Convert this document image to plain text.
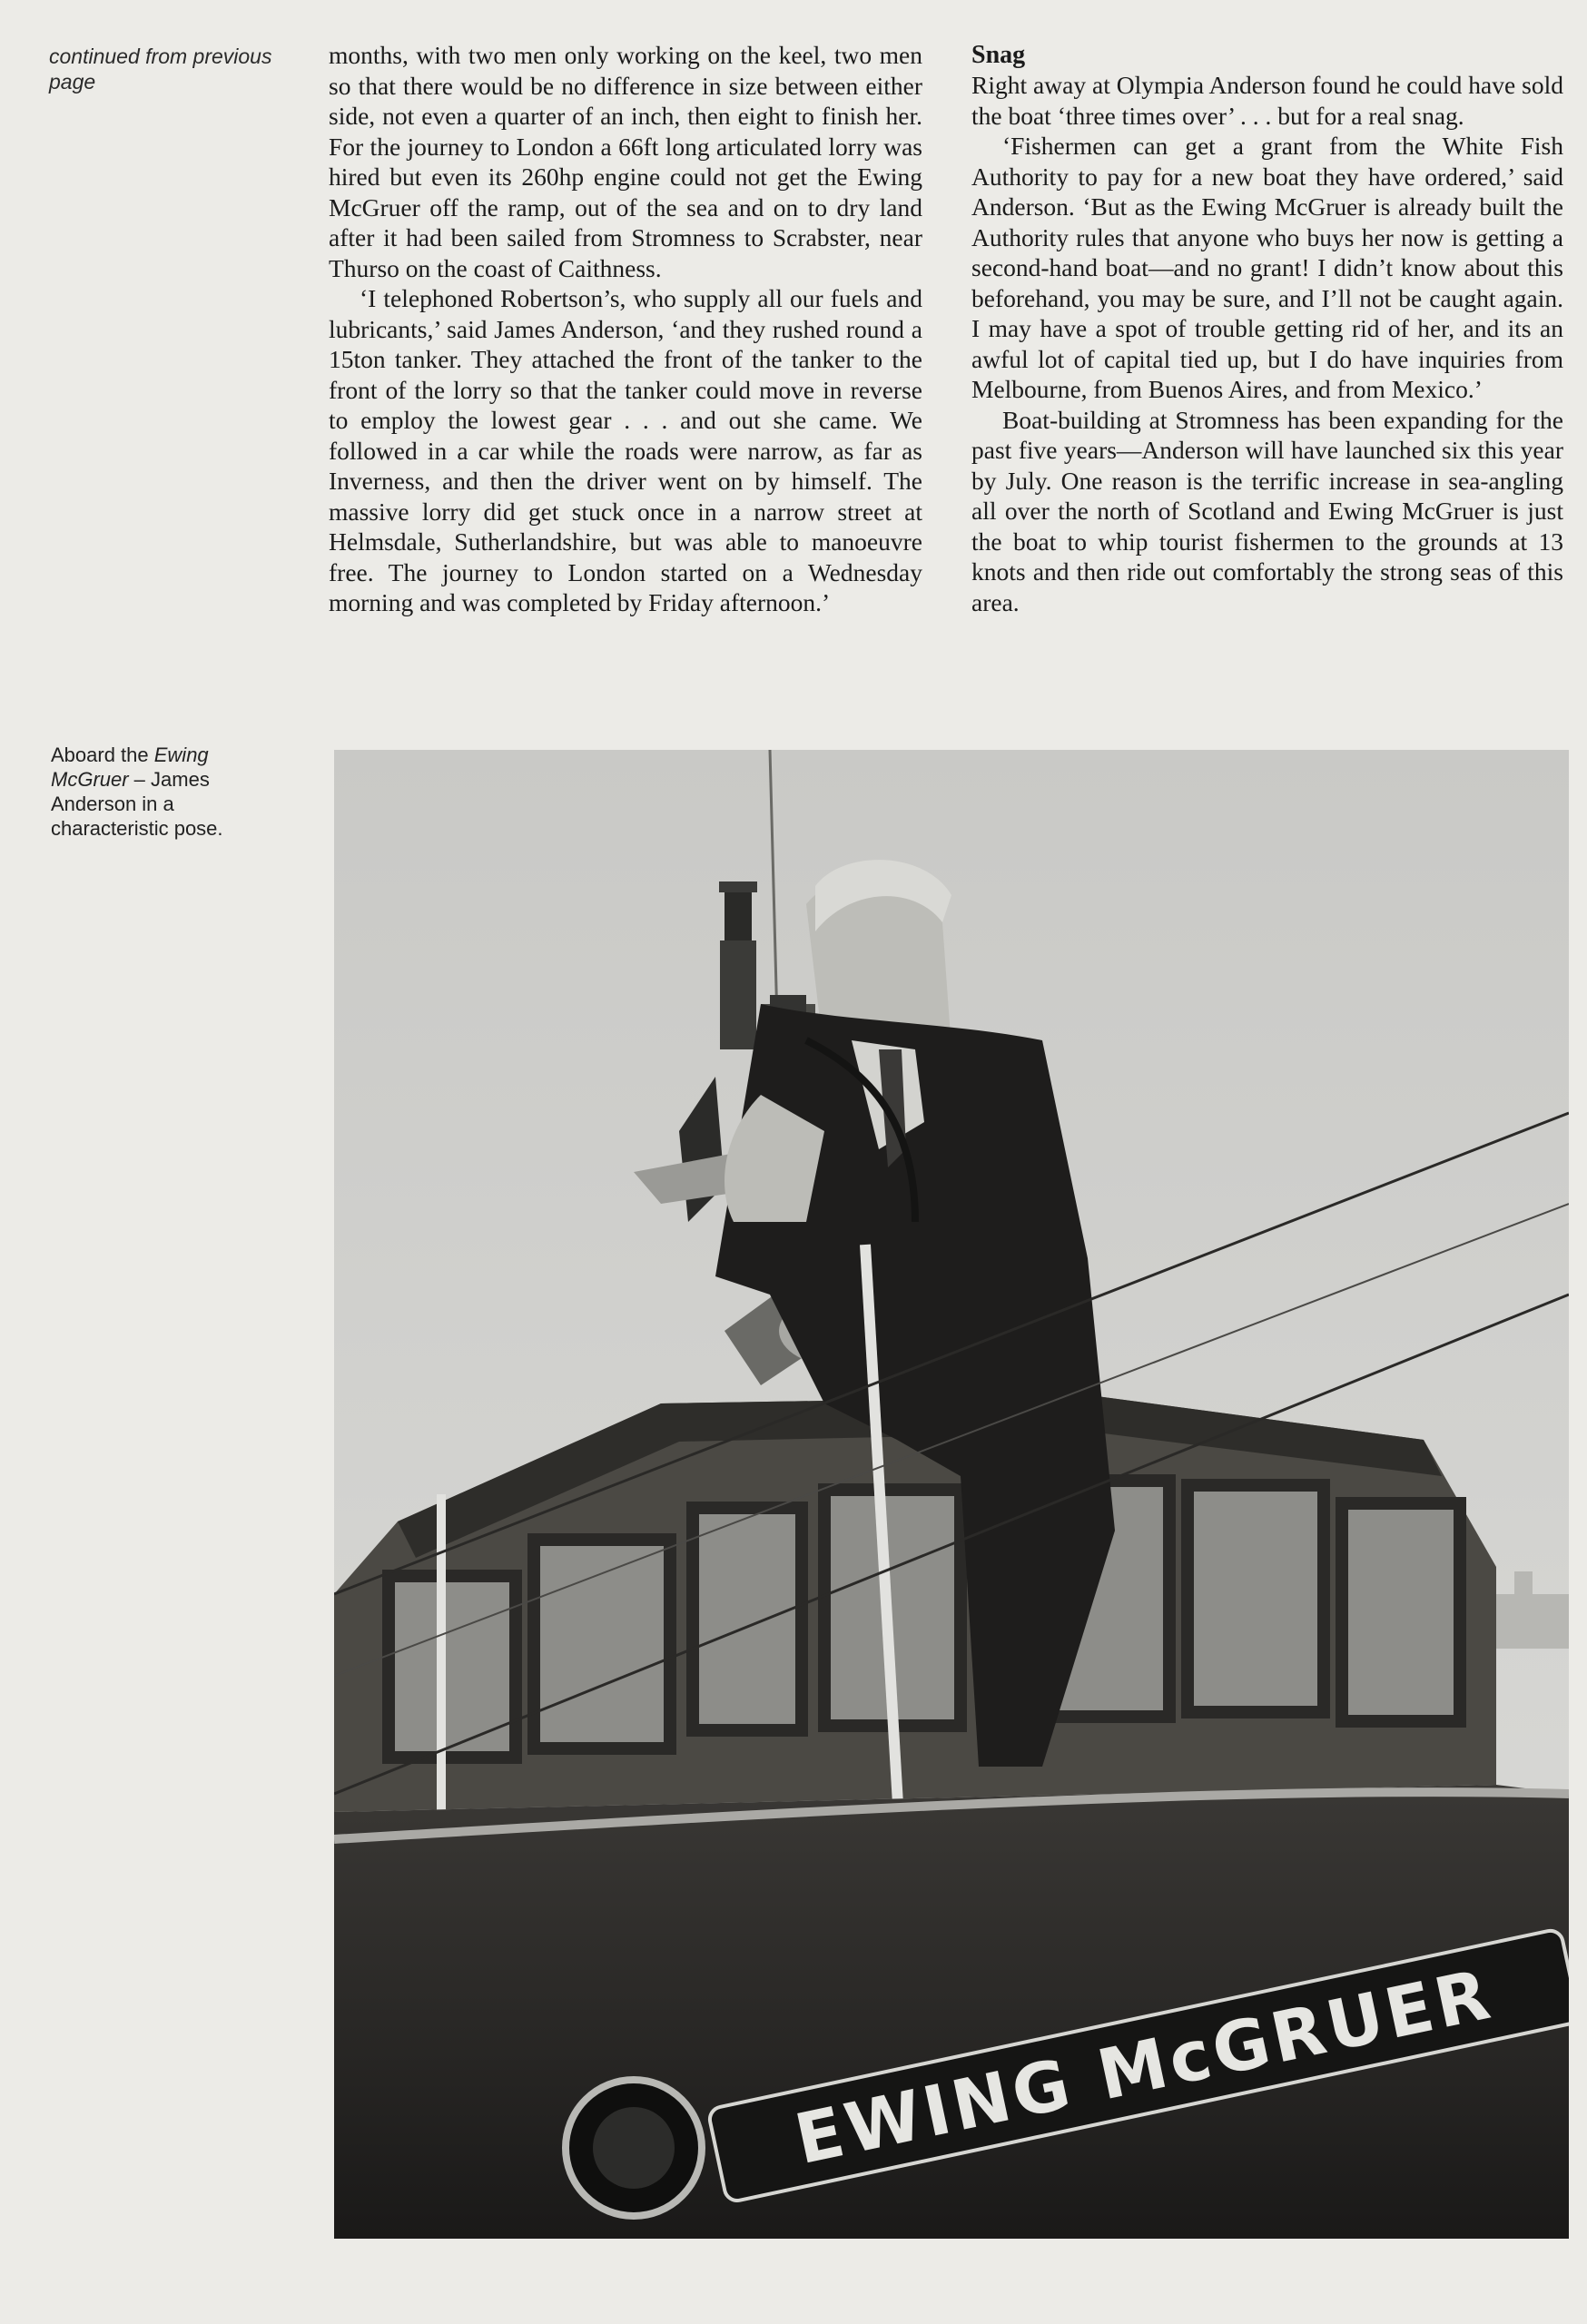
continued from previous page

months, with two men only working on the keel, two men so that there would be no difference in size between either side, not even a quarter of an inch, then eight to finish her. For the journey to London a 66ft long articulated lorry was hired but even its 260hp engine could not get the Ewing McGruer off the ramp, out of the sea and on to dry land after it had been sailed from Stromness to Scrabster, near Thurso on the coast of Caithness.

‘I telephoned Robertson’s, who supply all our fuels and lubricants,’ said James Anderson, ‘and they rushed round a 15ton tanker. They attached the front of the tanker to the front of the lorry so that the tanker could move in reverse to employ the lowest gear . . . and out she came. We followed in a car while the roads were narrow, as far as Inverness, and then the driver went on by himself. The massive lorry did get stuck once in a narrow street at Helmsdale, Sutherlandshire, but was able to manoeuvre free. The journey to London started on a Wednesday morning and was completed by Friday afternoon.’

Snag

Right away at Olympia Anderson found he could have sold the boat ‘three times over’ . . . but for a real snag.

‘Fishermen can get a grant from the White Fish Authority to pay for a new boat they have ordered,’ said Anderson. ‘But as the Ewing McGruer is already built the Authority rules that anyone who buys her now is getting a second-hand boat—and no grant! I didn’t know about this beforehand, you may be sure, and I’ll not be caught again. I may have a spot of trouble getting rid of her, and its an awful lot of capital tied up, but I do have inquiries from Melbourne, from Buenos Aires, and from Mexico.’

Boat-building at Stromness has been expanding for the past five years—Anderson will have launched six this year by July. One reason is the terrific increase in sea-angling all over the north of Scotland and Ewing McGruer is just the boat to whip tourist fishermen to the grounds at 13 knots and then ride out comfortably the strong seas of this area.

Aboard the Ewing McGruer – James Anderson in a characteristic pose.
EWING McGRUER
